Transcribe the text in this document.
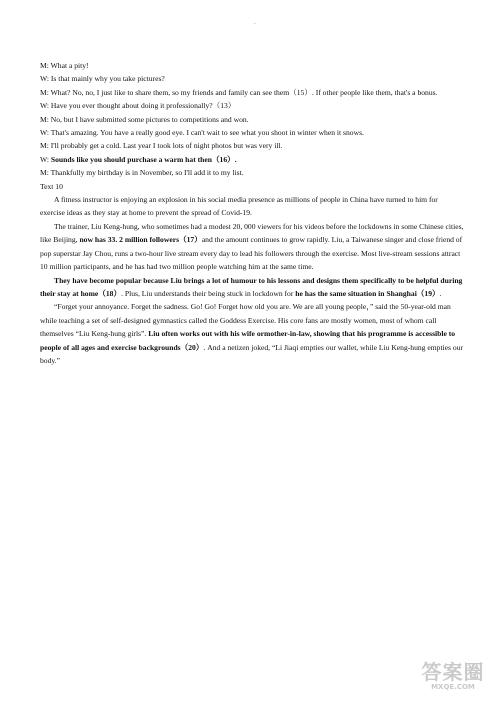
-

M: What a pity!

W: Is that mainly why you take pictures?

M: What? No, no, I just like to share them, so my friends and family can see them（15）. If other people like them, that's a bonus.

W: Have you ever thought about doing it professionally?（13）

M: No, but I have submitted some pictures to competitions and won.

W: That's amazing. You have a really good eye. I can't wait to see what you shoot in winter when it snows.

M: I'll probably get a cold. Last year I took lots of night photos but was very ill.

W: Sounds like you should purchase a warm hat then（16）.

M: Thankfully my birthday is in November, so I'll add it to my list.

Text 10

A fitness instructor is enjoying an explosion in his social media presence as millions of people in China have turned to him for exercise ideas as they stay at home to prevent the spread of Covid-19.

The trainer, Liu Keng-hung, who sometimes had a modest 20, 000 viewers for his videos before the lockdowns in some Chinese cities, like Beijing, now has 33. 2 million followers（17）and the amount continues to grow rapidly. Liu, a Taiwanese singer and close friend of pop superstar Jay Chou, runs a two-hour live stream every day to lead his followers through the exercise. Most live-stream sessions attract 10 million participants, and he has had two million people watching him at the same time.

They have become popular because Liu brings a lot of humour to his lessons and designs them specifically to be helpful during their stay at home（18）. Plus, Liu understands their being stuck in lockdown for he has the same situation in Shanghai（19）.

“Forget your annoyance. Forget the sadness. Go! Go! Forget how old you are. We are all young people，” said the 50-year-old man while teaching a set of self-designed gymnastics called the Goddess Exercise. His core fans are mostly women, most of whom call themselves “Liu Keng-hung girls”. Liu often works out with his wife ormother-in-law, showing that his programme is accessible to people of all ages and exercise backgrounds（20）. And a netizen joked, “Li Jiaqi empties our wallet, while Liu Keng-hung empties our body.”

答案圈
MXQE.COM
